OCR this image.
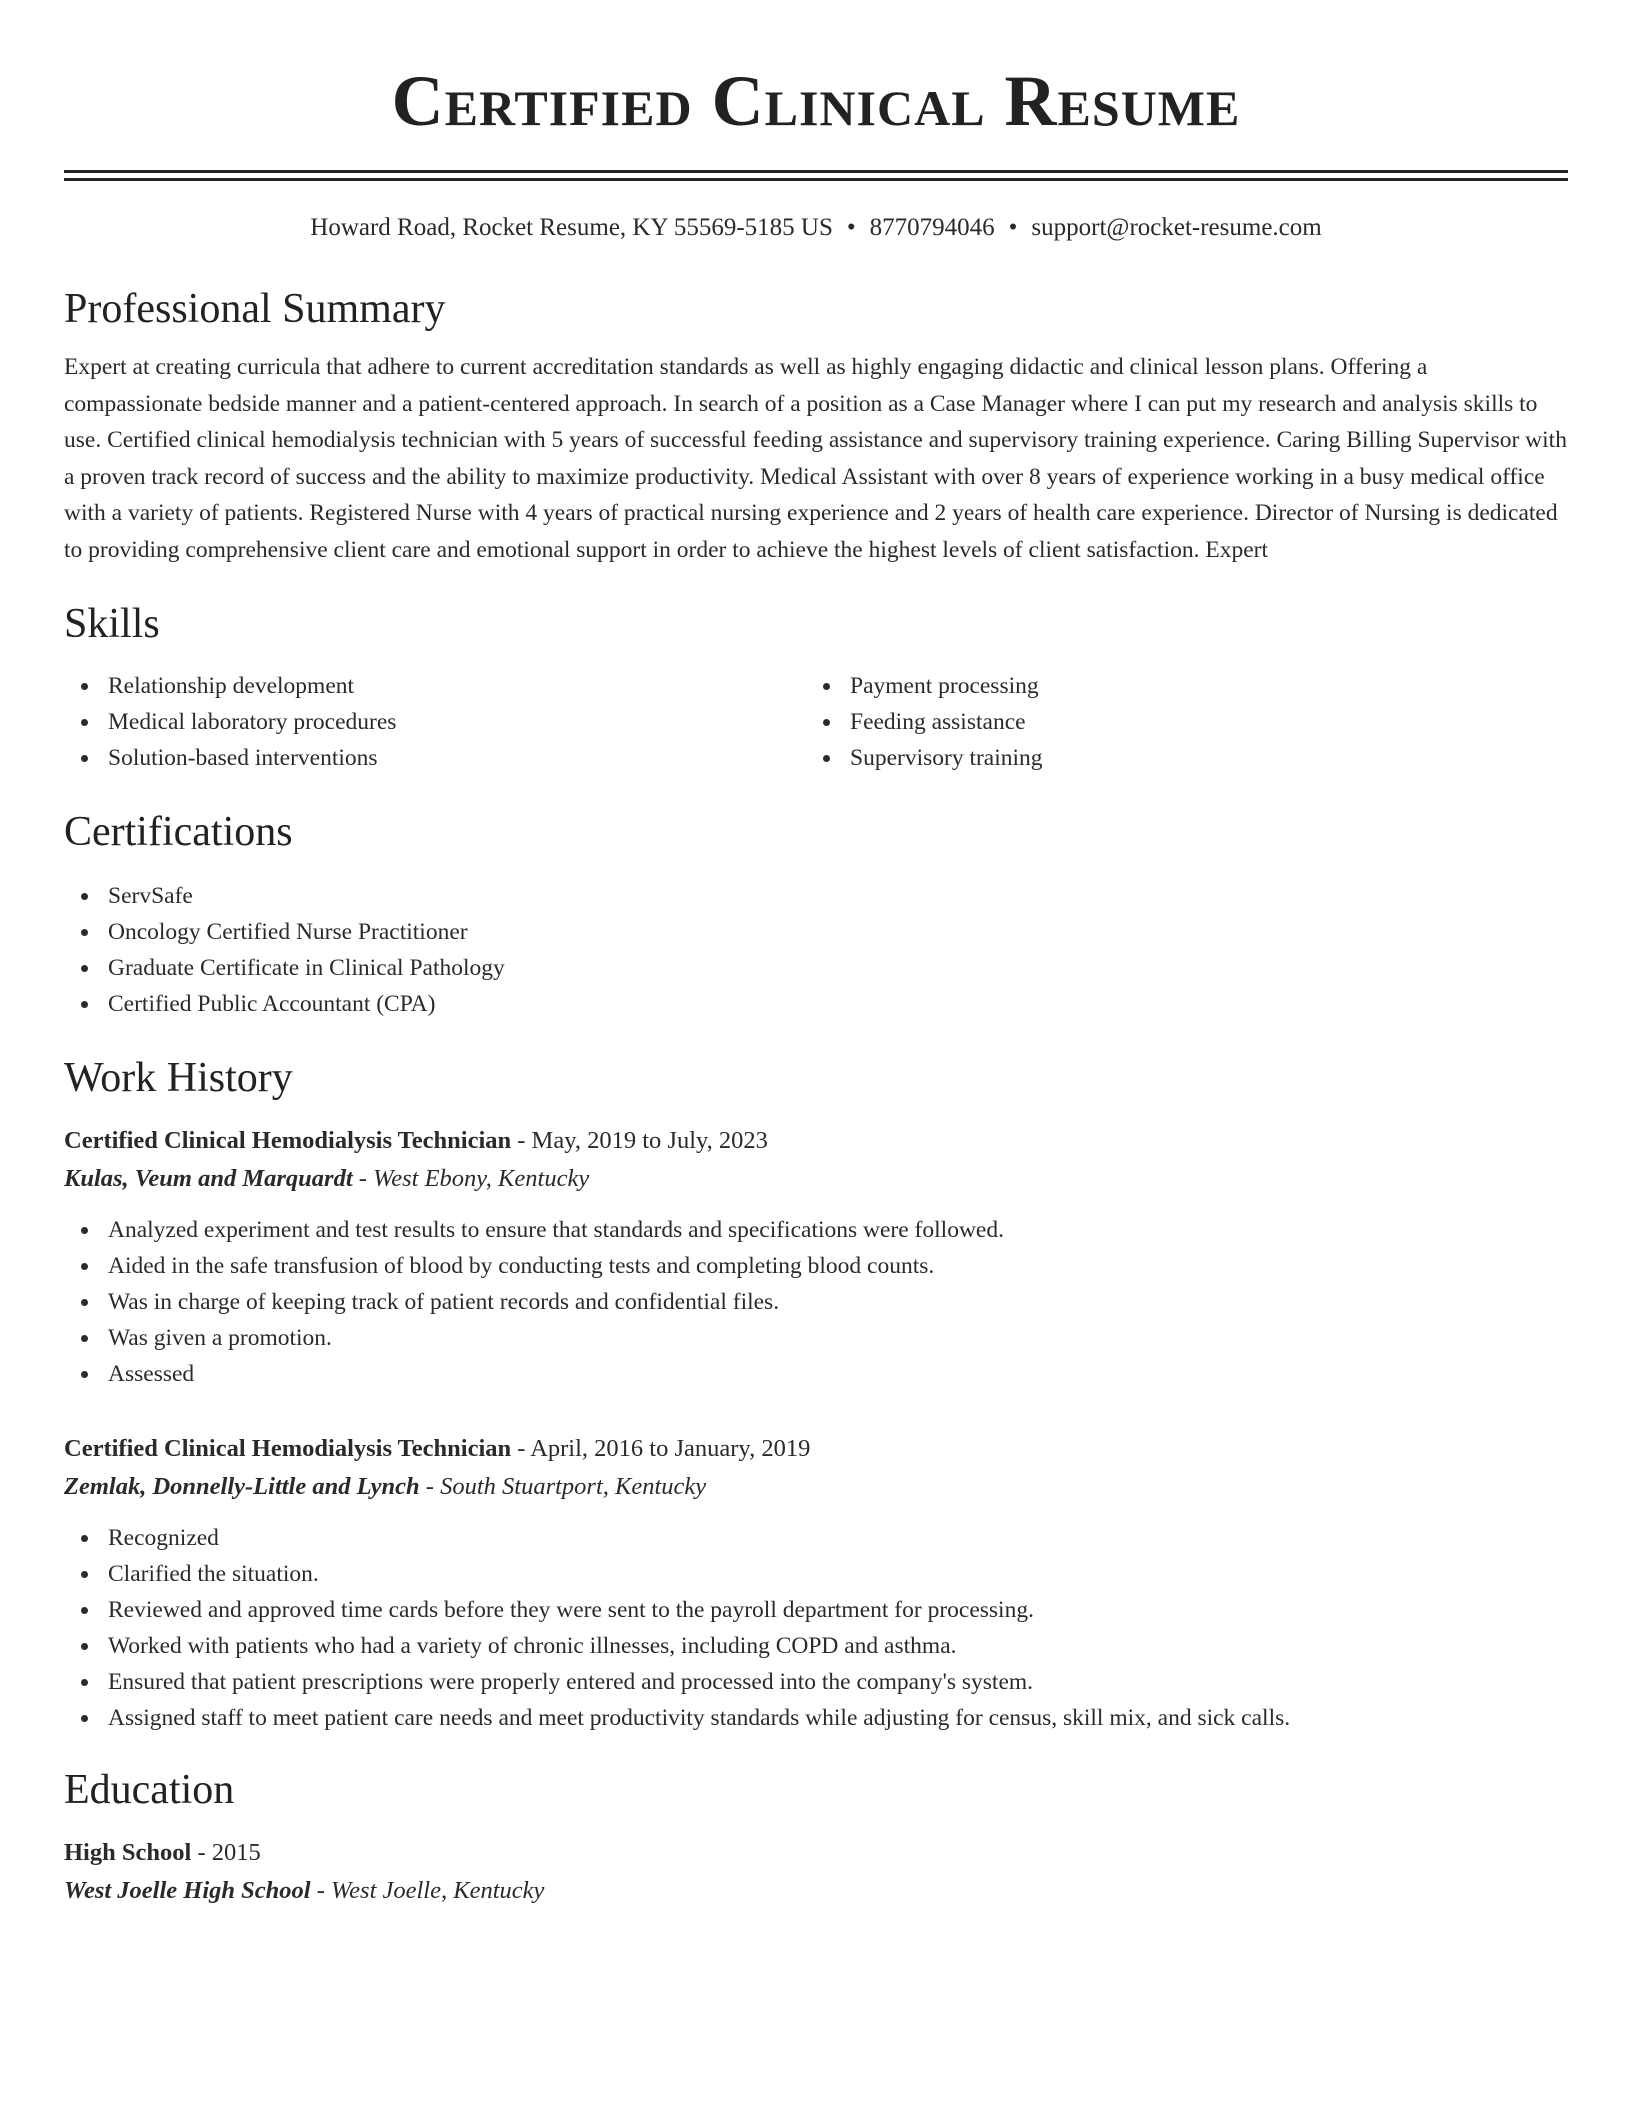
Certified Clinical Resume
Howard Road, Rocket Resume, KY 55569-5185 US • 8770794046 • support@rocket-resume.com
Professional Summary

Expert at creating curricula that adhere to current accreditation standards as well as highly engaging didactic and clinical lesson plans. Offering a compassionate bedside manner and a patient-centered approach. In search of a position as a Case Manager where I can put my research and analysis skills to use. Certified clinical hemodialysis technician with 5 years of successful feeding assistance and supervisory training experience. Caring Billing Supervisor with a proven track record of success and the ability to maximize productivity. Medical Assistant with over 8 years of experience working in a busy medical office with a variety of patients. Registered Nurse with 4 years of practical nursing experience and 2 years of health care experience. Director of Nursing is dedicated to providing comprehensive client care and emotional support in order to achieve the highest levels of client satisfaction. Expert

Skills
Relationship development
Medical laboratory procedures
Solution-based interventions
Payment processing
Feeding assistance
Supervisory training
Certifications
ServSafe
Oncology Certified Nurse Practitioner
Graduate Certificate in Clinical Pathology
Certified Public Accountant (CPA)
Work History
Certified Clinical Hemodialysis Technician - May, 2019 to July, 2023
Kulas, Veum and Marquardt - West Ebony, Kentucky
Analyzed experiment and test results to ensure that standards and specifications were followed.
Aided in the safe transfusion of blood by conducting tests and completing blood counts.
Was in charge of keeping track of patient records and confidential files.
Was given a promotion.
Assessed
Certified Clinical Hemodialysis Technician - April, 2016 to January, 2019
Zemlak, Donnelly-Little and Lynch - South Stuartport, Kentucky
Recognized
Clarified the situation.
Reviewed and approved time cards before they were sent to the payroll department for processing.
Worked with patients who had a variety of chronic illnesses, including COPD and asthma.
Ensured that patient prescriptions were properly entered and processed into the company's system.
Assigned staff to meet patient care needs and meet productivity standards while adjusting for census, skill mix, and sick calls.
Education
High School - 2015
West Joelle High School - West Joelle, Kentucky
